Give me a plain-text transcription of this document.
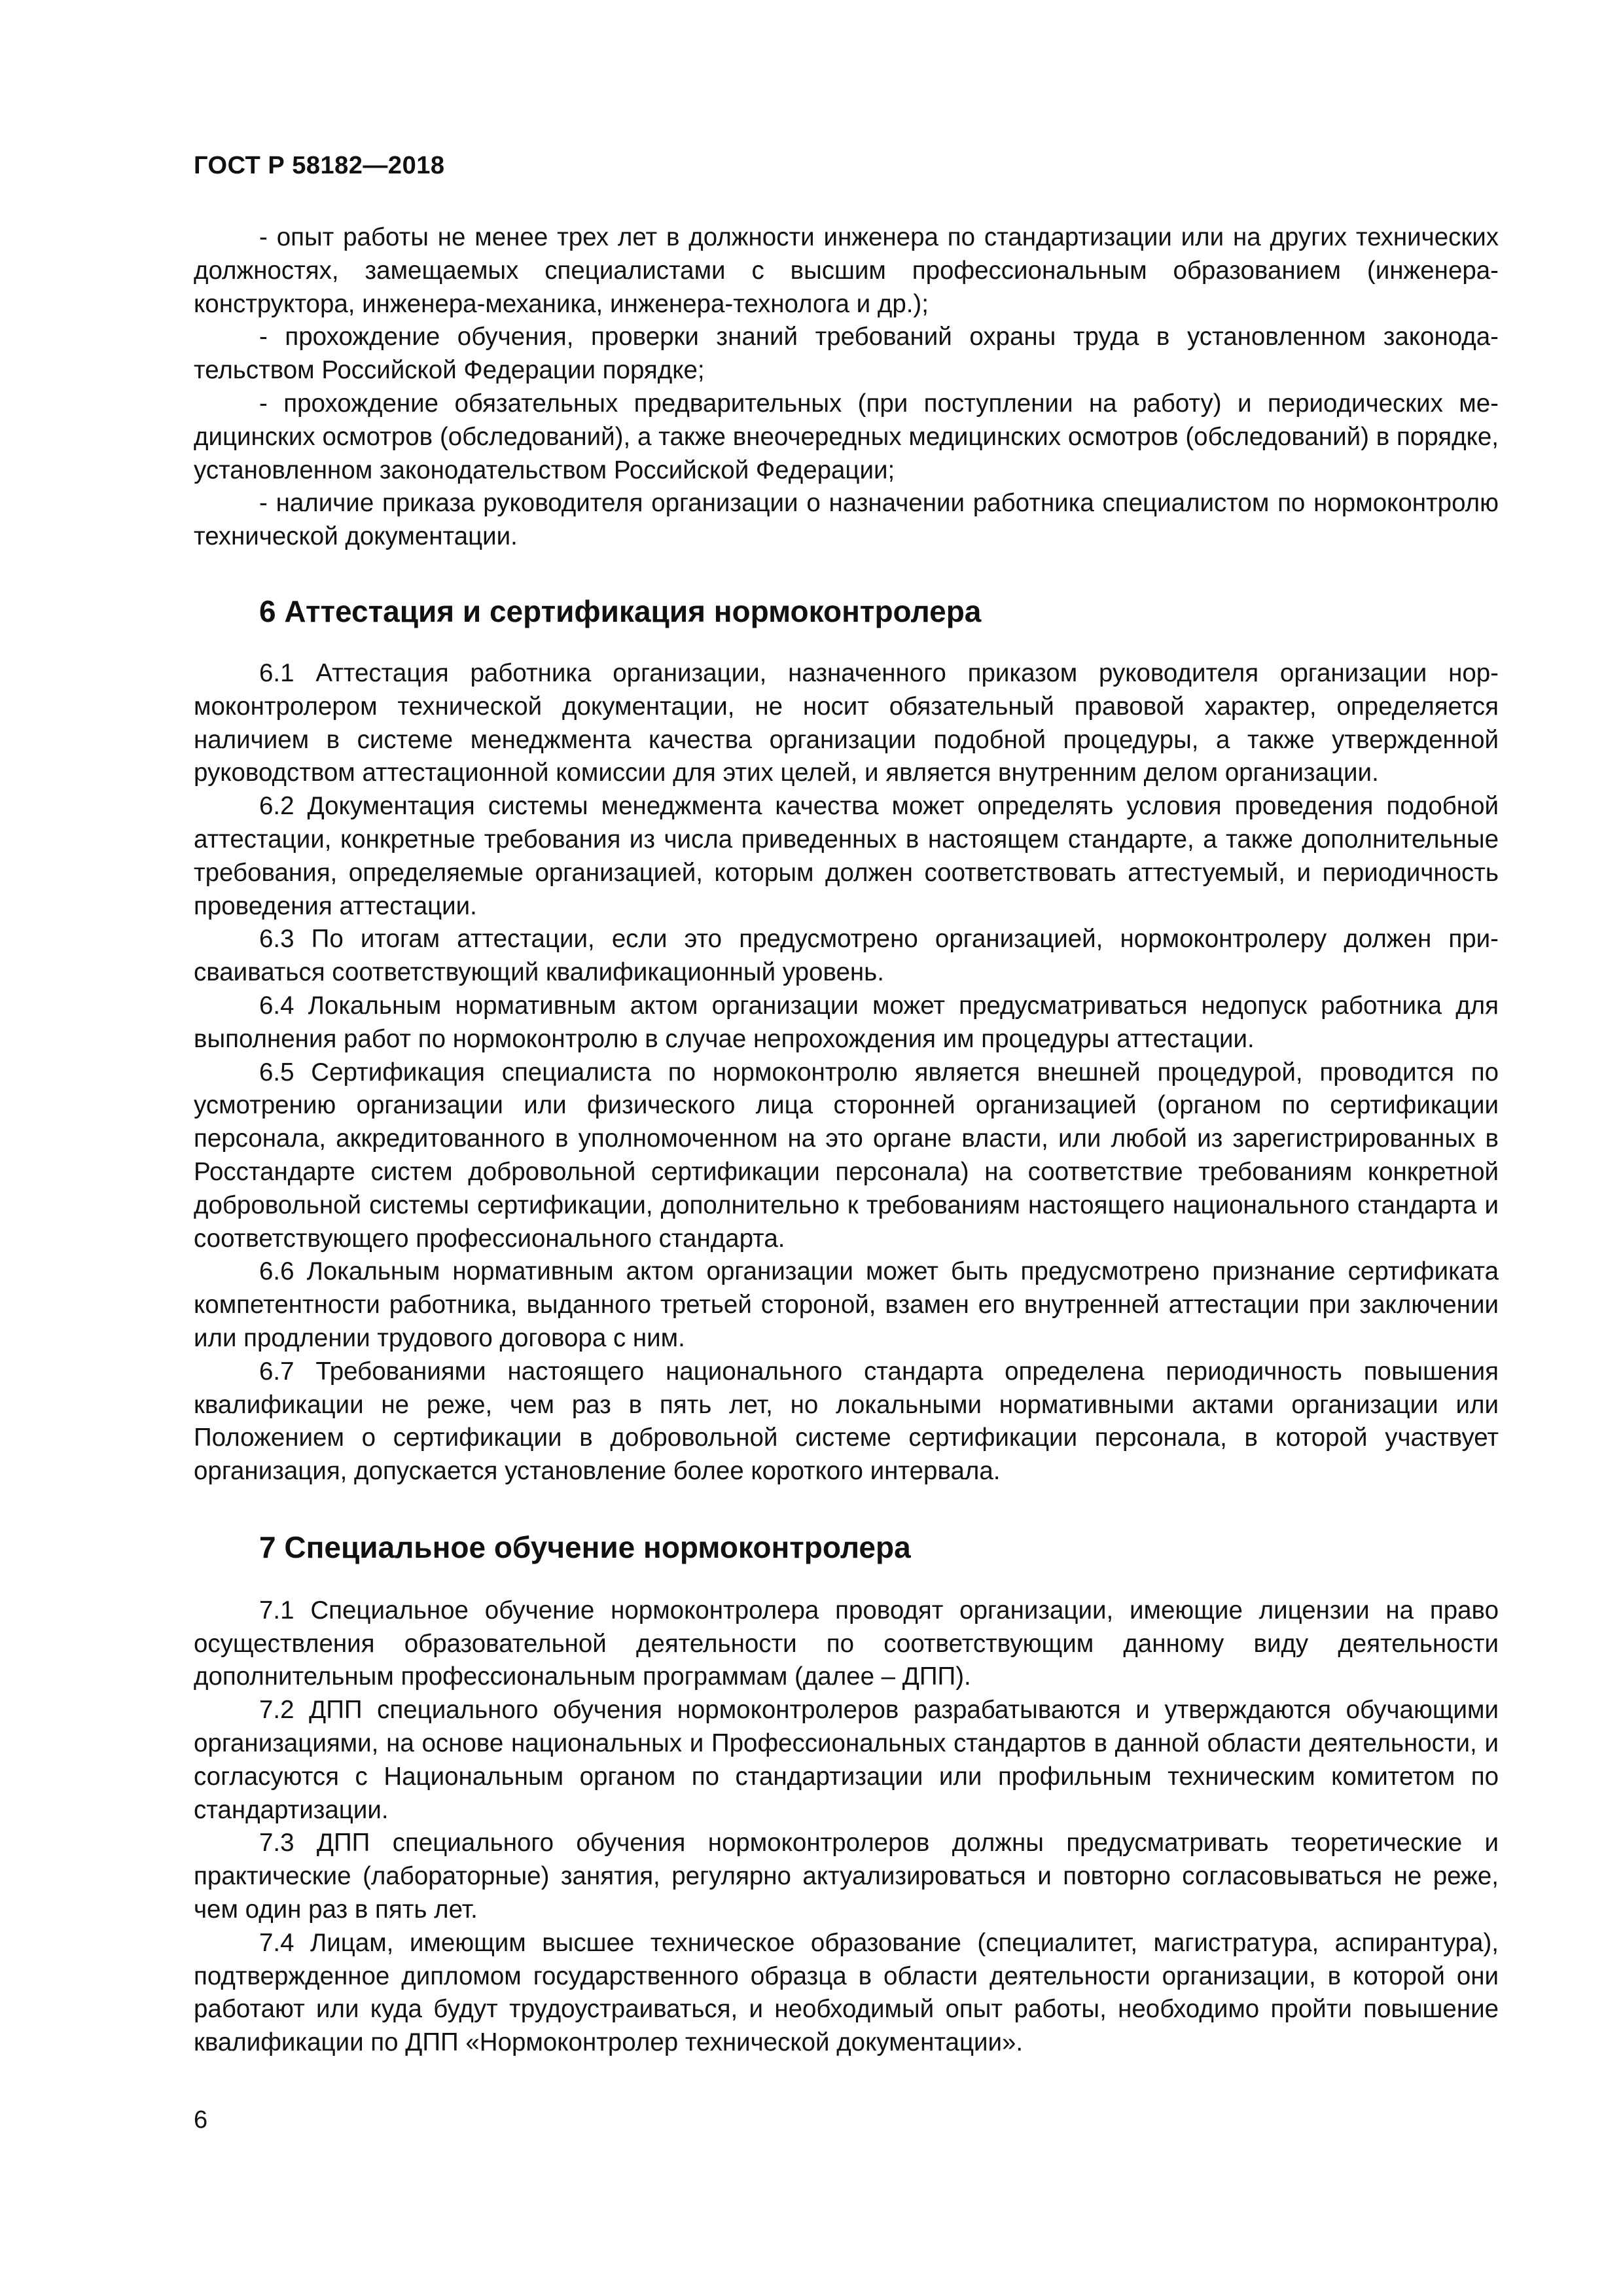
ГОСТ Р 58182—2018

- опыт работы не менее трех лет в должности инженера по стандартизации или на других технических должностях, замещаемых специалистами с высшим профессиональным образованием (инженера-конструктора, инженера-механика, инженера-технолога и др.);

- прохождение обучения, проверки знаний требований охраны труда в установленном законодательством Российской Федерации порядке;

- прохождение обязательных предварительных (при поступлении на работу) и периодических медицинских осмотров (обследований), а также внеочередных медицинских осмотров (обследований) в порядке, установленном законодательством Российской Федерации;

- наличие приказа руководителя организации о назначении работника специалистом по нормоконтролю технической документации.

6 Аттестация и сертификация нормоконтролера

6.1 Аттестация работника организации, назначенного приказом руководителя организации нормоконтролером технической документации, не носит обязательный правовой характер, определяется наличием в системе менеджмента качества организации подобной процедуры, а также утвержденной руководством аттестационной комиссии для этих целей, и является внутренним делом организации.

6.2 Документация системы менеджмента качества может определять условия проведения подобной аттестации, конкретные требования из числа приведенных в настоящем стандарте, а также дополнительные требования, определяемые организацией, которым должен соответствовать аттестуемый, и периодичность проведения аттестации.

6.3 По итогам аттестации, если это предусмотрено организацией, нормоконтролеру должен присваиваться соответствующий квалификационный уровень.

6.4 Локальным нормативным актом организации может предусматриваться недопуск работника для выполнения работ по нормоконтролю в случае непрохождения им процедуры аттестации.

6.5 Сертификация специалиста по нормоконтролю является внешней процедурой, проводится по усмотрению организации или физического лица сторонней организацией (органом по сертификации персонала, аккредитованного в уполномоченном на это органе власти, или любой из зарегистрированных в Росстандарте систем добровольной сертификации персонала) на соответствие требованиям конкретной добровольной системы сертификации, дополнительно к требованиям настоящего национального стандарта и соответствующего профессионального стандарта.

6.6 Локальным нормативным актом организации может быть предусмотрено признание сертификата компетентности работника, выданного третьей стороной, взамен его внутренней аттестации при заключении или продлении трудового договора с ним.

6.7 Требованиями настоящего национального стандарта определена периодичность повышения квалификации не реже, чем раз в пять лет, но локальными нормативными актами организации или Положением о сертификации в добровольной системе сертификации персонала, в которой участвует организация, допускается установление более короткого интервала.

7 Специальное обучение нормоконтролера

7.1 Специальное обучение нормоконтролера проводят организации, имеющие лицензии на право осуществления образовательной деятельности по соответствующим данному виду деятельности дополнительным профессиональным программам (далее – ДПП).

7.2 ДПП специального обучения нормоконтролеров разрабатываются и утверждаются обучающими организациями, на основе национальных и Профессиональных стандартов в данной области деятельности, и согласуются с Национальным органом по стандартизации или профильным техническим комитетом по стандартизации.

7.3 ДПП специального обучения нормоконтролеров должны предусматривать теоретические и практические (лабораторные) занятия, регулярно актуализироваться и повторно согласовываться не реже, чем один раз в пять лет.

7.4 Лицам, имеющим высшее техническое образование (специалитет, магистратура, аспирантура), подтвержденное дипломом государственного образца в области деятельности организации, в которой они работают или куда будут трудоустраиваться, и необходимый опыт работы, необходимо пройти повышение квалификации по ДПП «Нормоконтролер технической документации».

6
